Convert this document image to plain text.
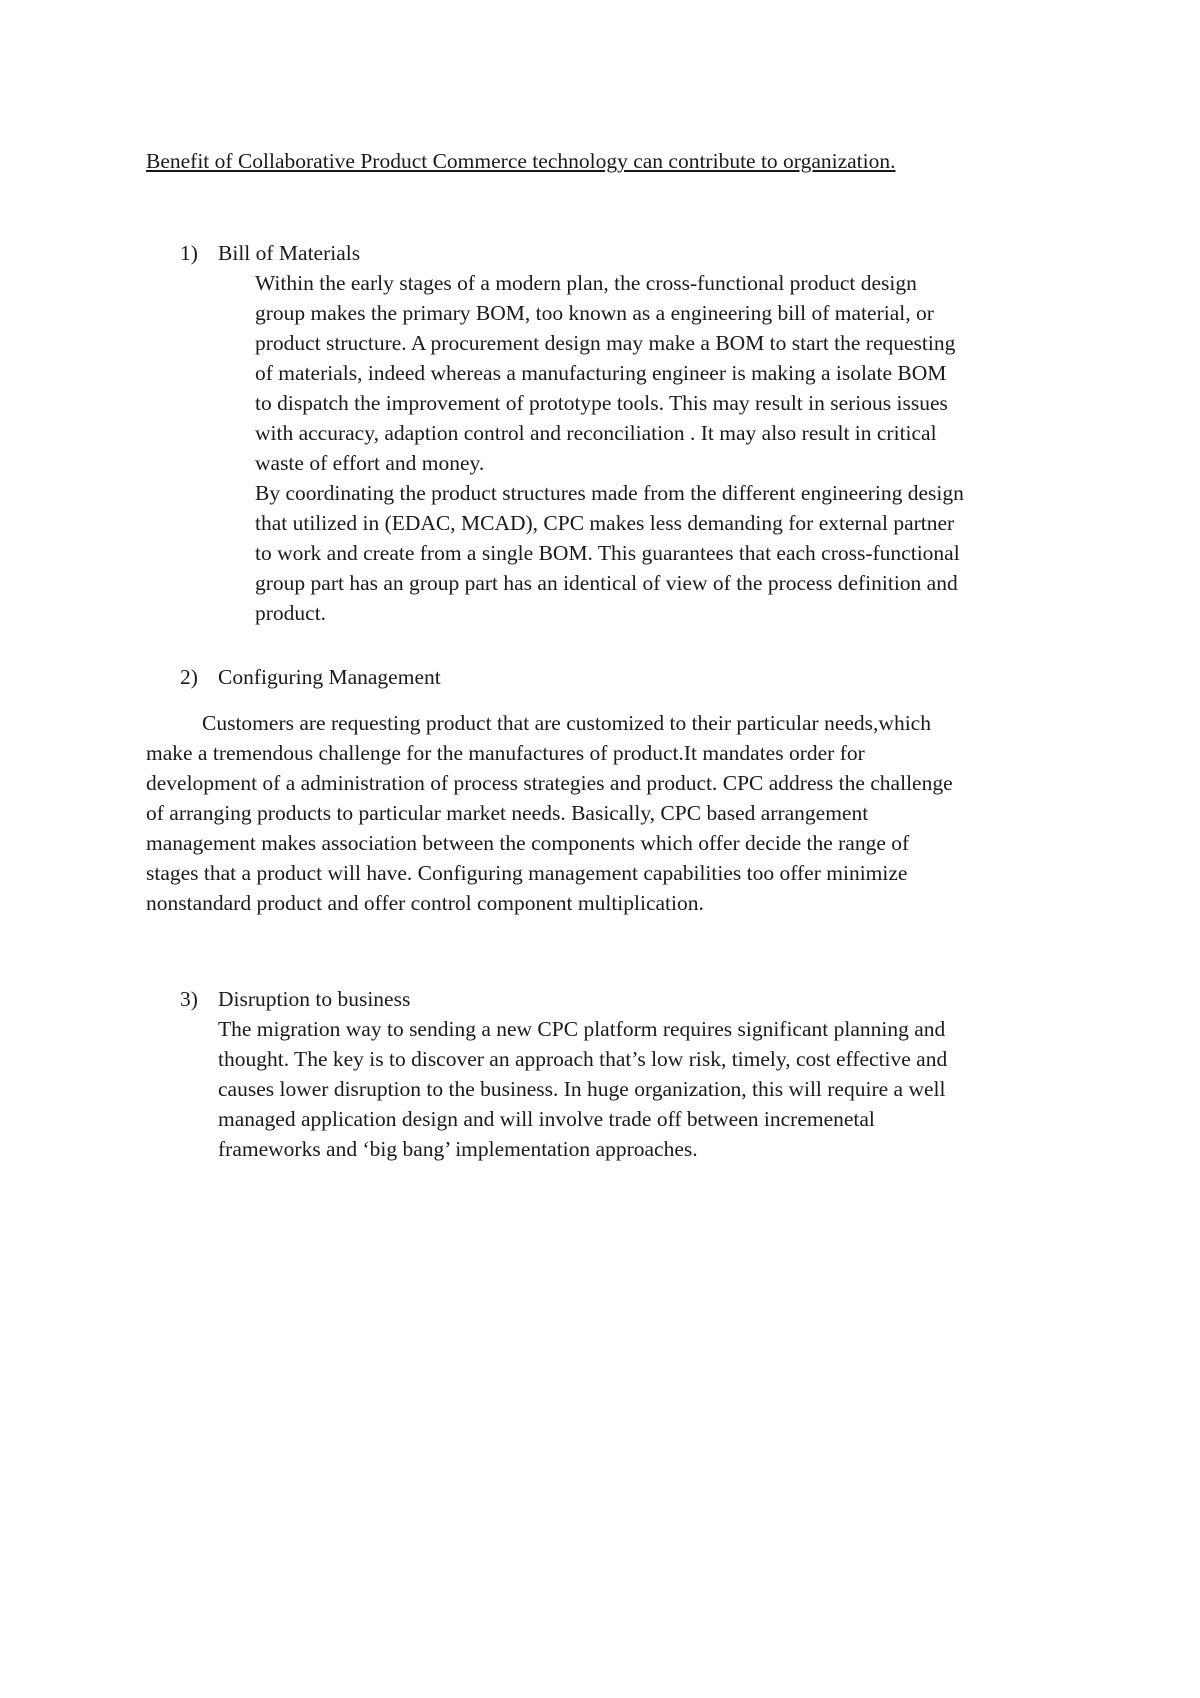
Benefit of Collaborative Product Commerce technology can contribute to organization.
1) Bill of Materials
Within the early stages of a modern plan, the cross-functional product design
group makes the primary BOM, too known as a engineering bill of material, or
product structure. A procurement design may make a BOM to start the requesting
of materials, indeed whereas a manufacturing engineer is making a isolate BOM
to dispatch the improvement of prototype tools. This may result in serious issues
with accuracy, adaption control and reconciliation . It may also result in critical
waste of effort and money.
By coordinating the product structures made from the different engineering design
that utilized in (EDAC, MCAD), CPC makes less demanding for external partner
to work and create from a single BOM. This guarantees that each cross-functional
group part has an group part has an identical of view of the process definition and
product.
2) Configuring Management
Customers are requesting product that are customized to their particular needs,which
make a tremendous challenge for the manufactures of product.It mandates order for
development of a administration of process strategies and product. CPC address the challenge
of arranging products to particular market needs. Basically, CPC based arrangement
management makes association between the components which offer decide the range of
stages that a product will have. Configuring management capabilities too offer minimize
nonstandard product and offer control component multiplication.
3) Disruption to business
The migration way to sending a new CPC platform requires significant planning and
thought. The key is to discover an approach that’s low risk, timely, cost effective and
causes lower disruption to the business. In huge organization, this will require a well
managed application design and will involve trade off between incremenetal
frameworks and ‘big bang’ implementation approaches.
